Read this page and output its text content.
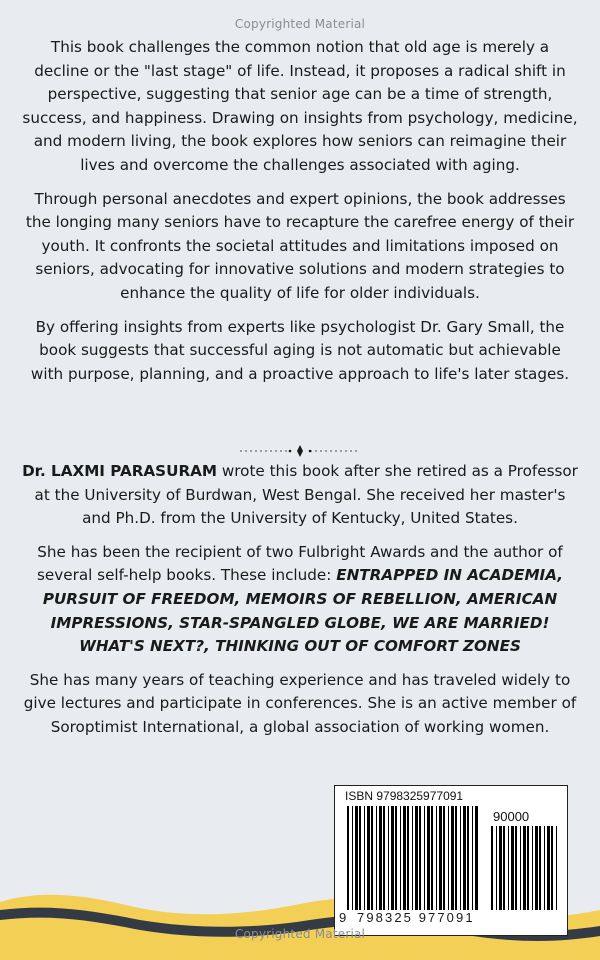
Copyrighted Material

This book challenges the common notion that old age is merely a decline or the "last stage" of life. Instead, it proposes a radical shift in perspective, suggesting that senior age can be a time of strength, success, and happiness. Drawing on insights from psychology, medicine, and modern living, the book explores how seniors can reimagine their lives and overcome the challenges associated with aging.

Through personal anecdotes and expert opinions, the book addresses the longing many seniors have to recapture the carefree energy of their youth. It confronts the societal attitudes and limitations imposed on seniors, advocating for innovative solutions and modern strategies to enhance the quality of life for older individuals.

By offering insights from experts like psychologist Dr. Gary Small, the book suggests that successful aging is not automatic but achievable with purpose, planning, and a proactive approach to life's later stages.

Dr. LAXMI PARASURAM wrote this book after she retired as a Professor at the University of Burdwan, West Bengal. She received her master's and Ph.D. from the University of Kentucky, United States.

She has been the recipient of two Fulbright Awards and the author of several self-help books. These include: ENTRAPPED IN ACADEMIA, PURSUIT OF FREEDOM, MEMOIRS OF REBELLION, AMERICAN IMPRESSIONS, STAR-SPANGLED GLOBE, WE ARE MARRIED! WHAT'S NEXT?, THINKING OUT OF COMFORT ZONES

She has many years of teaching experience and has traveled widely to give lectures and participate in conferences. She is an active member of Soroptimist International, a global association of working women.

ISBN 9798325977091
90000
9 798325 977091
Copyrighted Material
